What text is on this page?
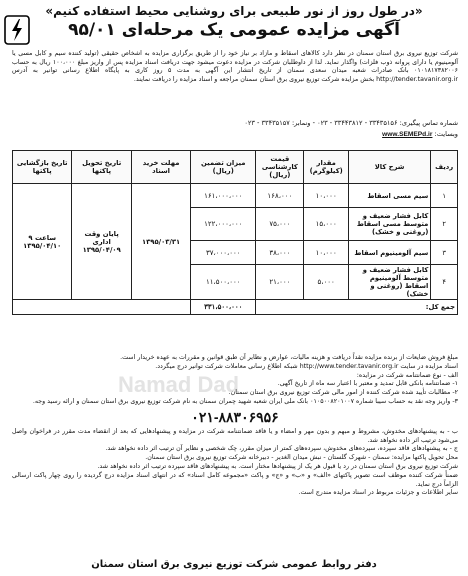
«در طول روز از نور طبیعی برای روشنایی محیط استفاده کنیم»
آگهی مزایده عمومی یک مرحله‌ای ۹۵/۰۱
شرکت توزیع نیروی برق استان سمنان در نظر دارد کالاهای اسقاط و مازاد بر نیاز خود را از طریق برگزاری مزایده به اشخاص حقیقی (تولید کننده سیم و کابل مسی یا آلومینیوم یا دارای پروانه ذوب فلزات) واگذار نماید. لذا از داوطلبان شرکت در مزایده دعوت میشود جهت دریافت اسناد مزایده پس از واریز مبلغ ۱۰۰،۰۰۰ ریال به حساب ۰۱۰۱۸۱۷۳۸۲۰۰۶ بانک صادرات شعبه میدان سعدی سمنان از تاریخ انتشار این آگهی به مدت ۵ روز کاری به پایگاه اطلاع رسانی توانیر به آدرس http://tender.tavanir.org.ir بخش مزایده شرکت توزیع نیروی برق استان سمنان مراجعه و اسناد مزایده را دریافت نمایند.
شماره تماس پیگیری: ۳۳۴۳۵۱۵۶ - ۳۳۴۴۳۸۱۲ - ۰۲۳ - ونمابر: ۳۳۴۳۵۱۵۷ - ۰۲۳
وبسایت: www.SEMEPd.ir
ردیف	شرح کالا	مقدار (کیلوگرم)	قیمت کارشناسی (ریال)	میزان تضمین (ریال)	مهلت خرید اسناد	تاریخ تحویل پاکتها	تاریخ بازگشایی پاکتها
۱	سیم مسی اسقاط	۱۰،۰۰۰	۱۶۸،۰۰۰	۱۶۱،۰۰۰،۰۰۰	۱۳۹۵/۰۳/۳۱	پایان وقت اداری ۱۳۹۵/۰۴/۰۹	ساعت ۹ ۱۳۹۵/۰۴/۱۰
۲	کابل فشار ضعیف و متوسط مسی اسقاط (روغنی و خشک)	۱۵،۰۰۰	۷۵،۰۰۰	۱۲۲،۰۰۰،۰۰۰			
۳	سیم آلومینیوم اسقاط	۱۰،۰۰۰	۳۸،۰۰۰	۳۷،۰۰۰،۰۰۰			
۴	کابل فشار ضعیف و متوسط آلومینیوم اسقاط (روغنی و خشک)	۵،۰۰۰	۲۱،۰۰۰	۱۱،۵۰۰،۰۰۰			
جمع کل:				۳۳۱،۵۰۰،۰۰۰			
Namad Dad

مبلغ فروش ضایعات از برنده مزایده نقداً دریافت و هزینه مالیات، عوارض و نظایر آن طبق قوانین و مقررات به عهده خریدار است.

اسناد مزایده در سایت http://www.tender.tavanir.org.ir شبکه اطلاع رسانی معاملات شرکت توانیر درج میگردد.

الف - نوع ضمانتنامه شرکت در مزایده:

۱- ضمانتنامه بانکی قابل تمدید و معتبر با اعتبار سه ماه از تاریخ آگهی.

۲- مطالبات تأیید شده شرکت کننده از امور مالی شرکت توزیع نیروی برق استان سمنان.

۳- واریز وجه نقد به حساب سیبا شماره ۰۱۰۵۰۰۸۲۰۱۰۰۷ بانک ملی ایران شعبه شهید چمران سمنان به نام شرکت توزیع نیروی برق استان سمنان و ارائه رسید وجه.

۰۲۱-۸۸۳۰۶۹۵۶

ب - به پیشنهادهای مخدوش، مشروط و مبهم و بدون مهر و امضاء و یا فاقد ضمانتنامه شرکت در مزایده و پیشنهادهایی که بعد از انقضاء مدت مقرر در فراخوان واصل می‌شود ترتیب اثر داده نخواهد شد.

ج - به پیشنهادهای فاقد سپرده، سپرده‌های مخدوش، سپرده‌های کمتر از میزان مقرر، چک شخصی و نظایر آن ترتیب اثر داده نخواهد شد.

محل تحویل پاکتها مزایده: سمنان - شهرک گلستان - نبش میدان الغدیر - دبیرخانه شرکت توزیع نیروی برق استان سمنان.

شرکت توزیع نیروی برق استان سمنان در رد یا قبول هر یک از پیشنهادها مختار است. به پیشنهادهای فاقد سپرده ترتیب اثر داده نخواهد شد.

ضمناً شرکت کننده موظف است تصویر پاکتهای «الف» و «ب» و «ج» و پاکت «مجموعه کامل اسناد» که در انتهای اسناد مزایده درج گردیده را روی چهار پاکت ارسالی الزاماً درج نماید.

سایر اطلاعات و جزئیات مربوط در اسناد مزایده مندرج است.

دفتر روابط عمومی شرکت توزیع نیروی برق استان سمنان
